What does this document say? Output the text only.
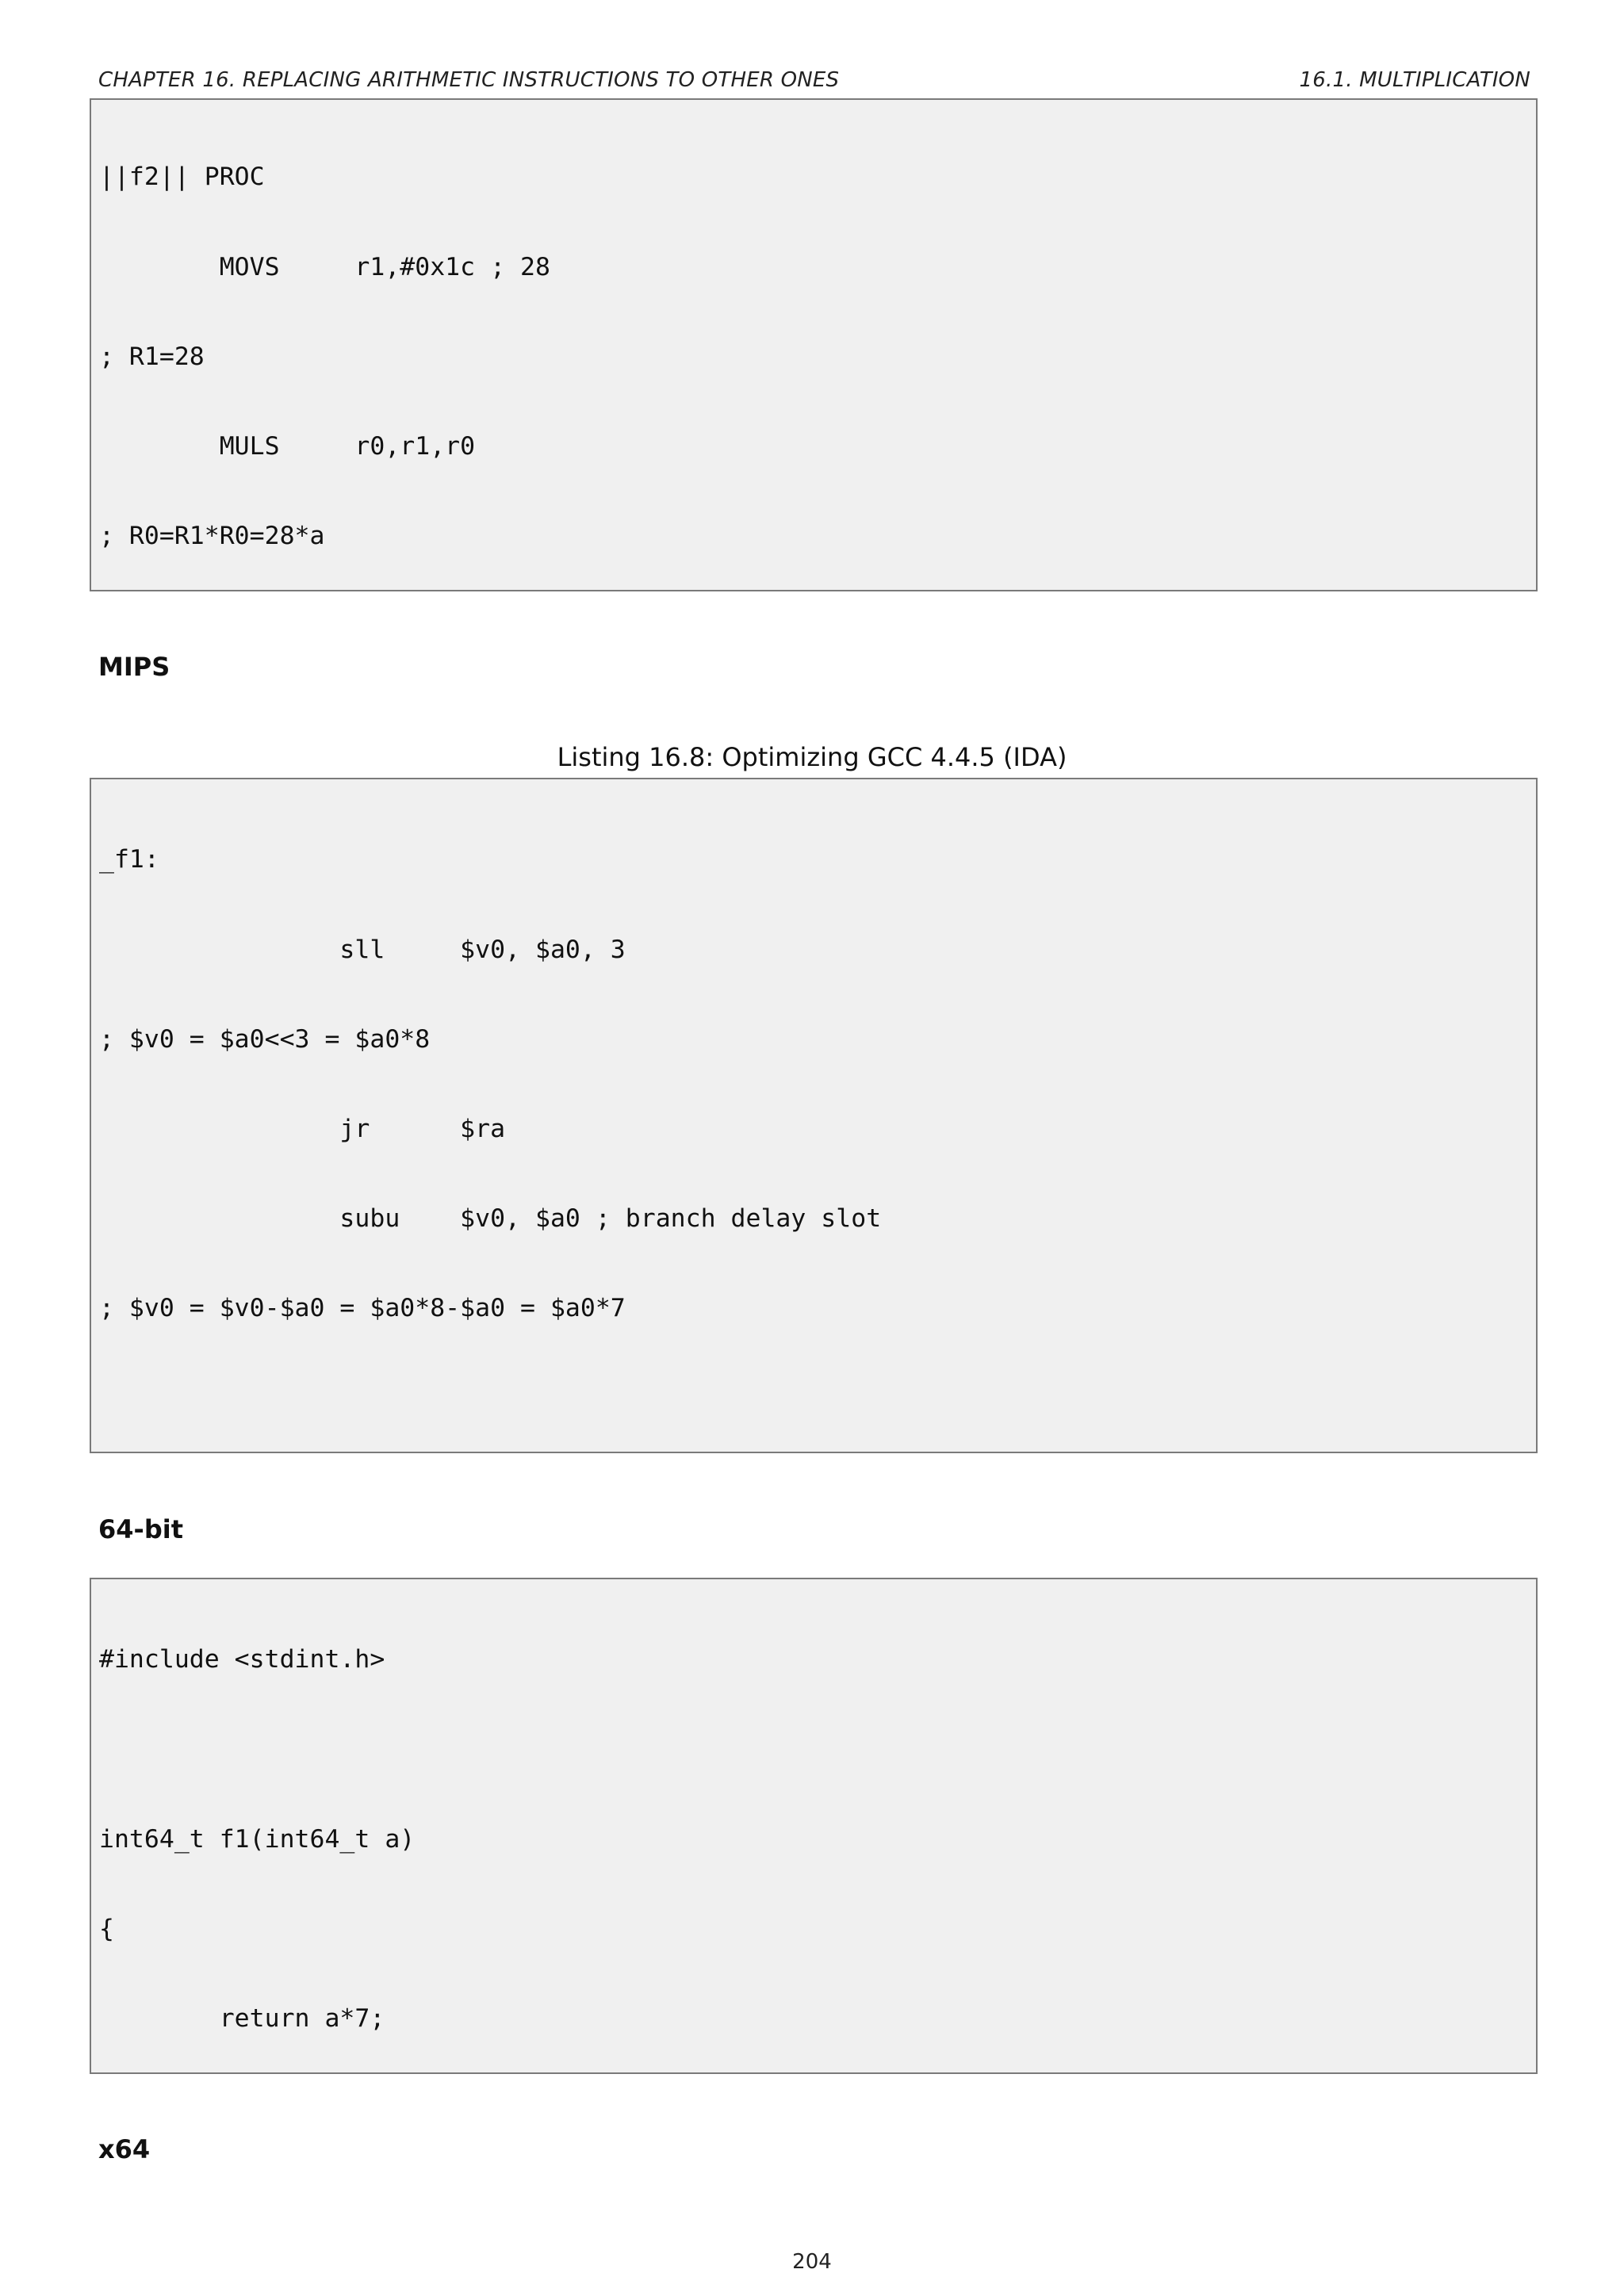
CHAPTER 16. REPLACING ARITHMETIC INSTRUCTIONS TO OTHER ONES	16.1. MULTIPLICATION

||f2|| PROC

MOVS     r1,#0x1c ; 28

; R1=28

MULS     r0,r1,r0

; R0=R1*R0=28*a

MIPS
Listing 16.8: Optimizing GCC 4.4.5 (IDA)

_f1:

sll     $v0, $a0, 3

; $v0 = $a0<<3 = $a0*8

jr      $ra

subu    $v0, $a0 ; branch delay slot

; $v0 = $v0-$a0 = $a0*8-$a0 = $a0*7

64-bit

#include <stdint.h>

int64_t f1(int64_t a)

{

return a*7;

x64
204
